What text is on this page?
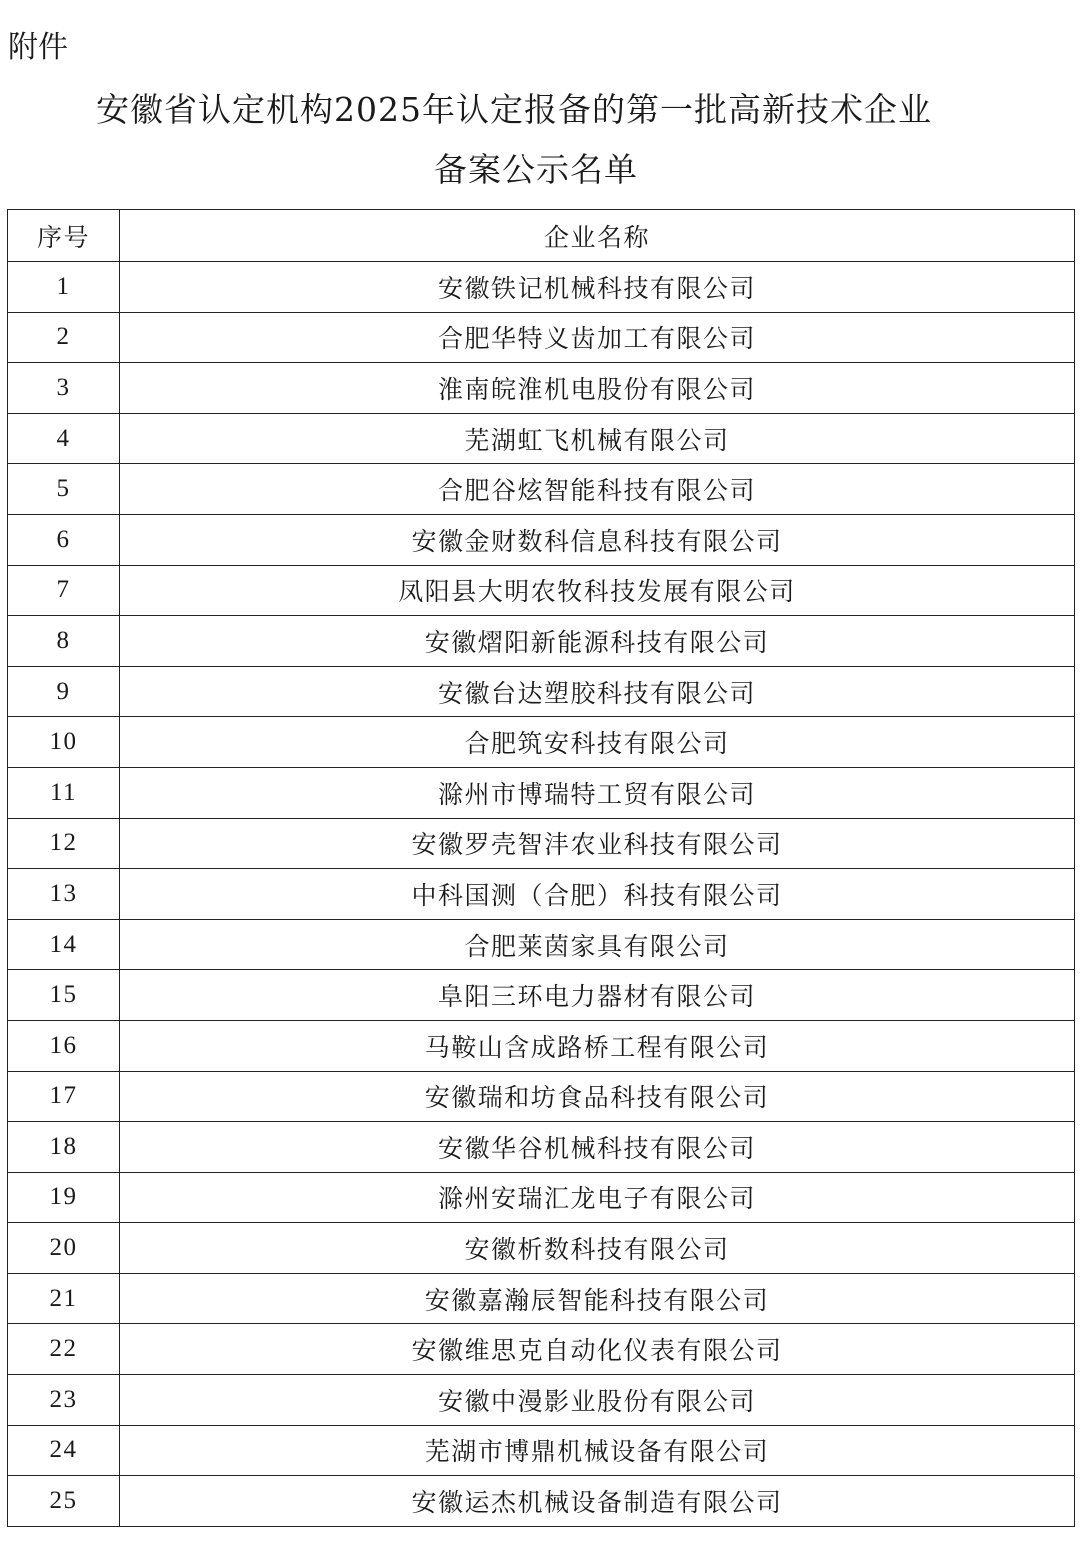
附件
安徽省认定机构2025年认定报备的第一批高新技术企业
备案公示名单
序号	企业名称
1	安徽铁记机械科技有限公司
2	合肥华特义齿加工有限公司
3	淮南皖淮机电股份有限公司
4	芜湖虹飞机械有限公司
5	合肥谷炫智能科技有限公司
6	安徽金财数科信息科技有限公司
7	凤阳县大明农牧科技发展有限公司
8	安徽熠阳新能源科技有限公司
9	安徽台达塑胶科技有限公司
10	合肥筑安科技有限公司
11	滁州市博瑞特工贸有限公司
12	安徽罗壳智沣农业科技有限公司
13	中科国测（合肥）科技有限公司
14	合肥莱茵家具有限公司
15	阜阳三环电力器材有限公司
16	马鞍山含成路桥工程有限公司
17	安徽瑞和坊食品科技有限公司
18	安徽华谷机械科技有限公司
19	滁州安瑞汇龙电子有限公司
20	安徽析数科技有限公司
21	安徽嘉瀚辰智能科技有限公司
22	安徽维思克自动化仪表有限公司
23	安徽中漫影业股份有限公司
24	芜湖市博鼎机械设备有限公司
25	安徽运杰机械设备制造有限公司
